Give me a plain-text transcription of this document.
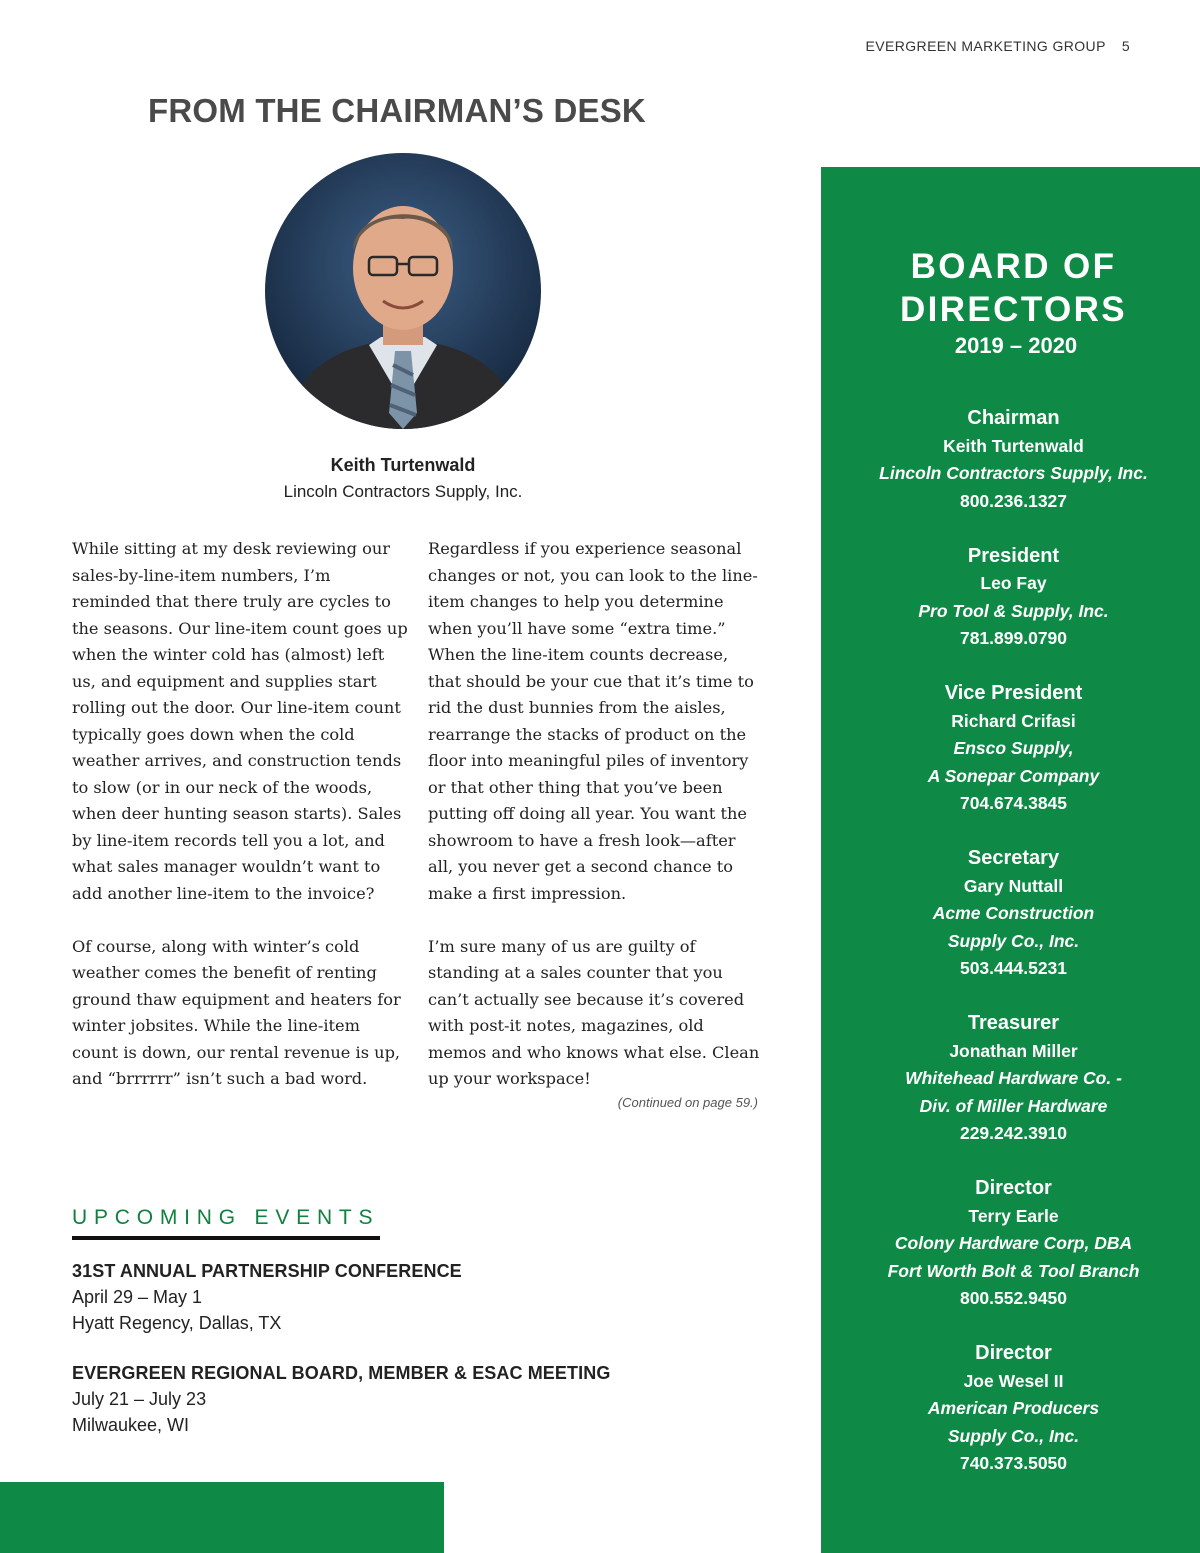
EVERGREEN MARKETING GROUP 5
FROM THE CHAIRMAN’S DESK
Keith Turtenwald
Lincoln Contractors Supply, Inc.

While sitting at my desk reviewing our sales-by-line-item numbers, I’m reminded that there truly are cycles to the seasons. Our line-item count goes up when the winter cold has (almost) left us, and equipment and supplies start rolling out the door. Our line-item count typically goes down when the cold weather arrives, and construction tends to slow (or in our neck of the woods, when deer hunting season starts). Sales by line-item records tell you a lot, and what sales manager wouldn’t want to add another line-item to the invoice?

Of course, along with winter’s cold weather comes the benefit of renting ground thaw equipment and heaters for winter jobsites. While the line-item count is down, our rental revenue is up, and “brrrrrr” isn’t such a bad word.

Regardless if you experience seasonal changes or not, you can look to the line-item changes to help you determine when you’ll have some “extra time.” When the line-item counts decrease, that should be your cue that it’s time to rid the dust bunnies from the aisles, rearrange the stacks of product on the floor into meaningful piles of inventory or that other thing that you’ve been putting off doing all year. You want the showroom to have a fresh look—after all, you never get a second chance to make a first impression.

I’m sure many of us are guilty of standing at a sales counter that you can’t actually see because it’s covered with post-it notes, magazines, old memos and who knows what else. Clean up your workspace!

(Continued on page 59.)
UPCOMING EVENTS
31ST ANNUAL PARTNERSHIP CONFERENCE
April 29 – May 1
Hyatt Regency, Dallas, TX
EVERGREEN REGIONAL BOARD, MEMBER & ESAC MEETING
July 21 – July 23
Milwaukee, WI
BOARD OF
DIRECTORS
2019 – 2020
Chairman
Keith Turtenwald
Lincoln Contractors Supply, Inc.
800.236.1327
President
Leo Fay
Pro Tool & Supply, Inc.
781.899.0790
Vice President
Richard Crifasi
Ensco Supply,
A Sonepar Company
704.674.3845
Secretary
Gary Nuttall
Acme Construction
Supply Co., Inc.
503.444.5231
Treasurer
Jonathan Miller
Whitehead Hardware Co. -
Div. of Miller Hardware
229.242.3910
Director
Terry Earle
Colony Hardware Corp, DBA
Fort Worth Bolt & Tool Branch
800.552.9450
Director
Joe Wesel II
American Producers
Supply Co., Inc.
740.373.5050
